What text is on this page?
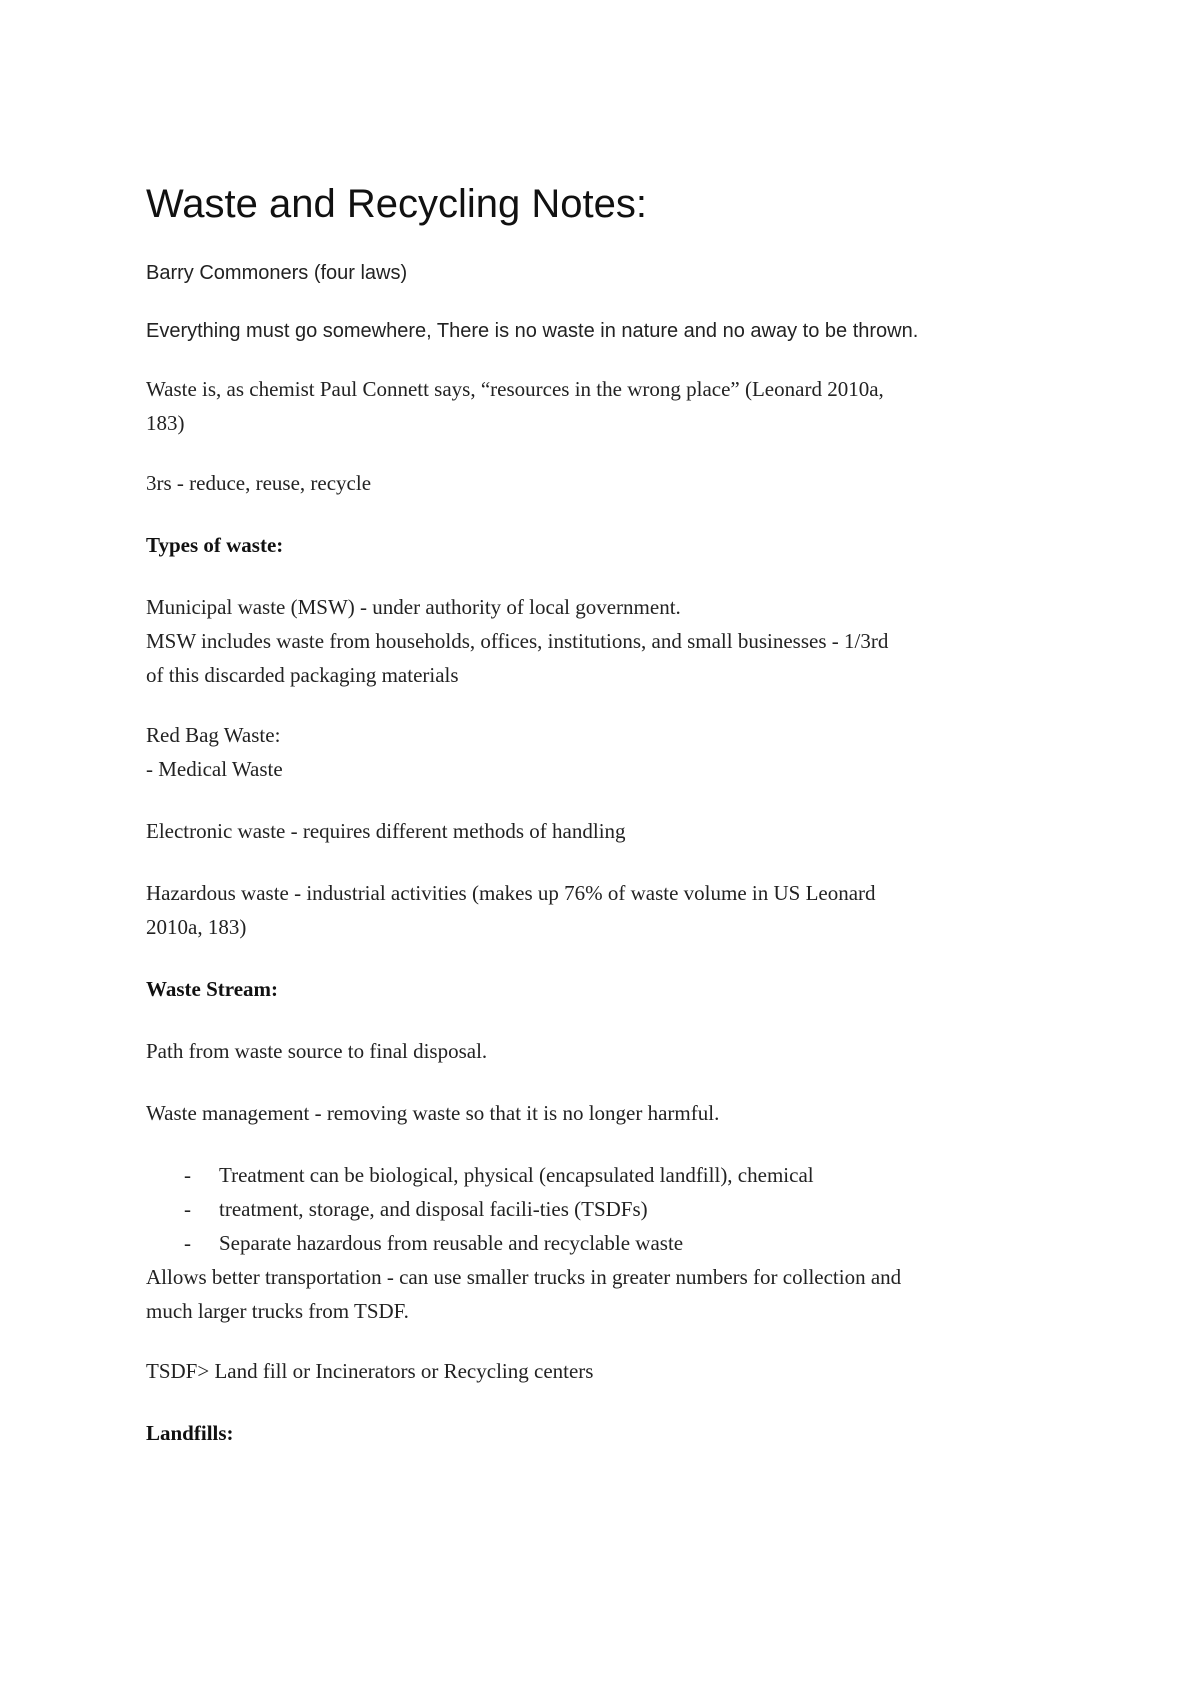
Waste and Recycling Notes:

Barry Commoners (four laws)

Everything must go somewhere, There is no waste in nature and no away to be thrown.

Waste is, as chemist Paul Connett says, “resources in the wrong place” (Leonard 2010a,

183)

3rs - reduce, reuse, recycle

Types of waste:

Municipal waste (MSW) - under authority of local government.

MSW includes waste from households, offices, institutions, and small businesses - 1/3rd

of this discarded packaging materials

Red Bag Waste:

- Medical Waste

Electronic waste - requires different methods of handling

Hazardous waste - industrial activities (makes up 76% of waste volume in US Leonard

2010a, 183)

Waste Stream:

Path from waste source to final disposal.

Waste management - removing waste so that it is no longer harmful.

- Treatment can be biological, physical (encapsulated landfill), chemical
- treatment, storage, and disposal facili-ties (TSDFs)
- Separate hazardous from reusable and recyclable waste

Allows better transportation - can use smaller trucks in greater numbers for collection and

much larger trucks from TSDF.

TSDF> Land fill or Incinerators or Recycling centers

Landfills:
